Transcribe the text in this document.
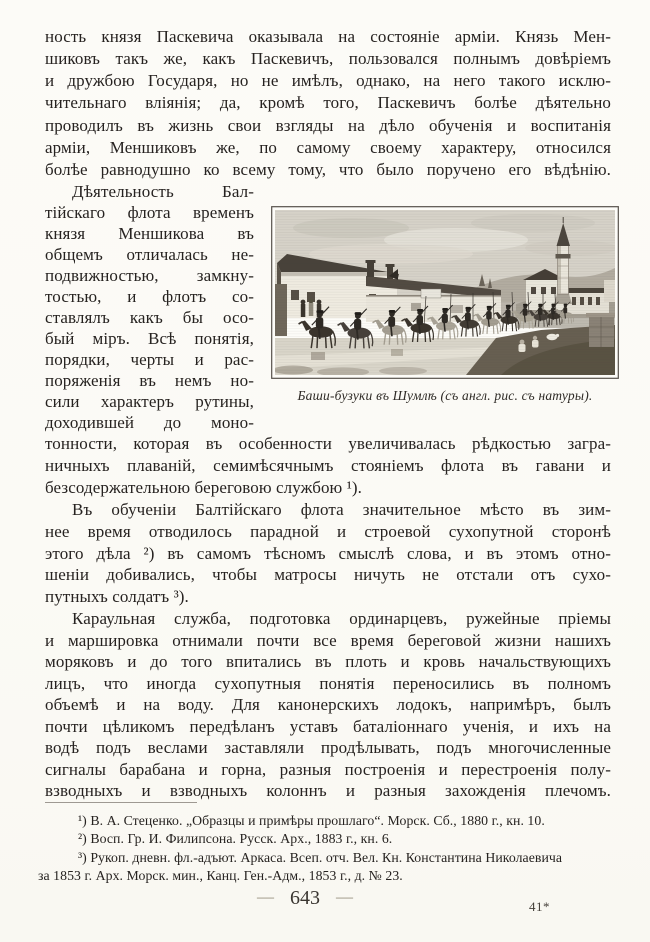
ность князя Паскевича оказывала на состояніе арміи. Князь Мен-
шиковъ такъ же, какъ Паскевичъ, пользовался полнымъ довѣріемъ
и дружбою Государя, но не имѣлъ, однако, на него такого исклю-
чительнаго вліянія; да, кромѣ того, Паскевичъ болѣе дѣятельно
проводилъ въ жизнь свои взгляды на дѣло обученія и воспитанія
арміи, Меншиковъ же, по самому своему характеру, относился
болѣе равнодушно ко всему тому, что было поручено его вѣдѣнію.
Дѣятельность Бал-
тійскаго флота временъ
князя Меншикова въ
общемъ отличалась не-
подвижностью, замкну-
тостью, и флотъ со-
ставлялъ какъ бы осо-
бый міръ. Всѣ понятія,
порядки, черты и рас-
поряженія въ немъ но-
сили характеръ рутины,
доходившей до моно-
Баши-бузуки въ Шумлѣ (съ англ. рис. съ натуры).
тонности, которая въ особенности увеличивалась рѣдкостью загра-
ничныхъ плаваній, семимѣсячнымъ стояніемъ флота въ гавани и
безсодержательною береговою службою ¹).
Въ обученіи Балтійскаго флота значительное мѣсто въ зим-
нее время отводилось парадной и строевой сухопутной сторонѣ
этого дѣла ²) въ самомъ тѣсномъ смыслѣ слова, и въ этомъ отно-
шеніи добивались, чтобы матросы ничуть не отстали отъ сухо-
путныхъ солдатъ ³).
Караульная служба, подготовка ординарцевъ, ружейные пріемы
и маршировка отнимали почти все время береговой жизни нашихъ
моряковъ и до того впитались въ плоть и кровь начальствующихъ
лицъ, что иногда сухопутныя понятія переносились въ полномъ
объемѣ и на воду. Для канонерскихъ лодокъ, напримѣръ, былъ
почти цѣликомъ передѣланъ уставъ баталіоннаго ученія, и ихъ на
водѣ подъ веслами заставляли продѣлывать, подъ многочисленные
сигналы барабана и горна, разныя построенія и перестроенія полу-
взводныхъ и взводныхъ колоннъ и разныя захожденія плечомъ.
¹) В. А. Стеценко. „Образцы и примѣры прошлаго“. Морск. Сб., 1880 г., кн. 10.
²) Восп. Гр. И. Филипсона. Русск. Арх., 1883 г., кн. 6.
³) Рукоп. дневн. фл.-адъют. Аркаса. Всеп. отч. Вел. Кн. Константина Николаевича
за 1853 г. Арх. Морск. мин., Канц. Ген.-Адм., 1853 г., д. № 23.
— 643 —
41*
